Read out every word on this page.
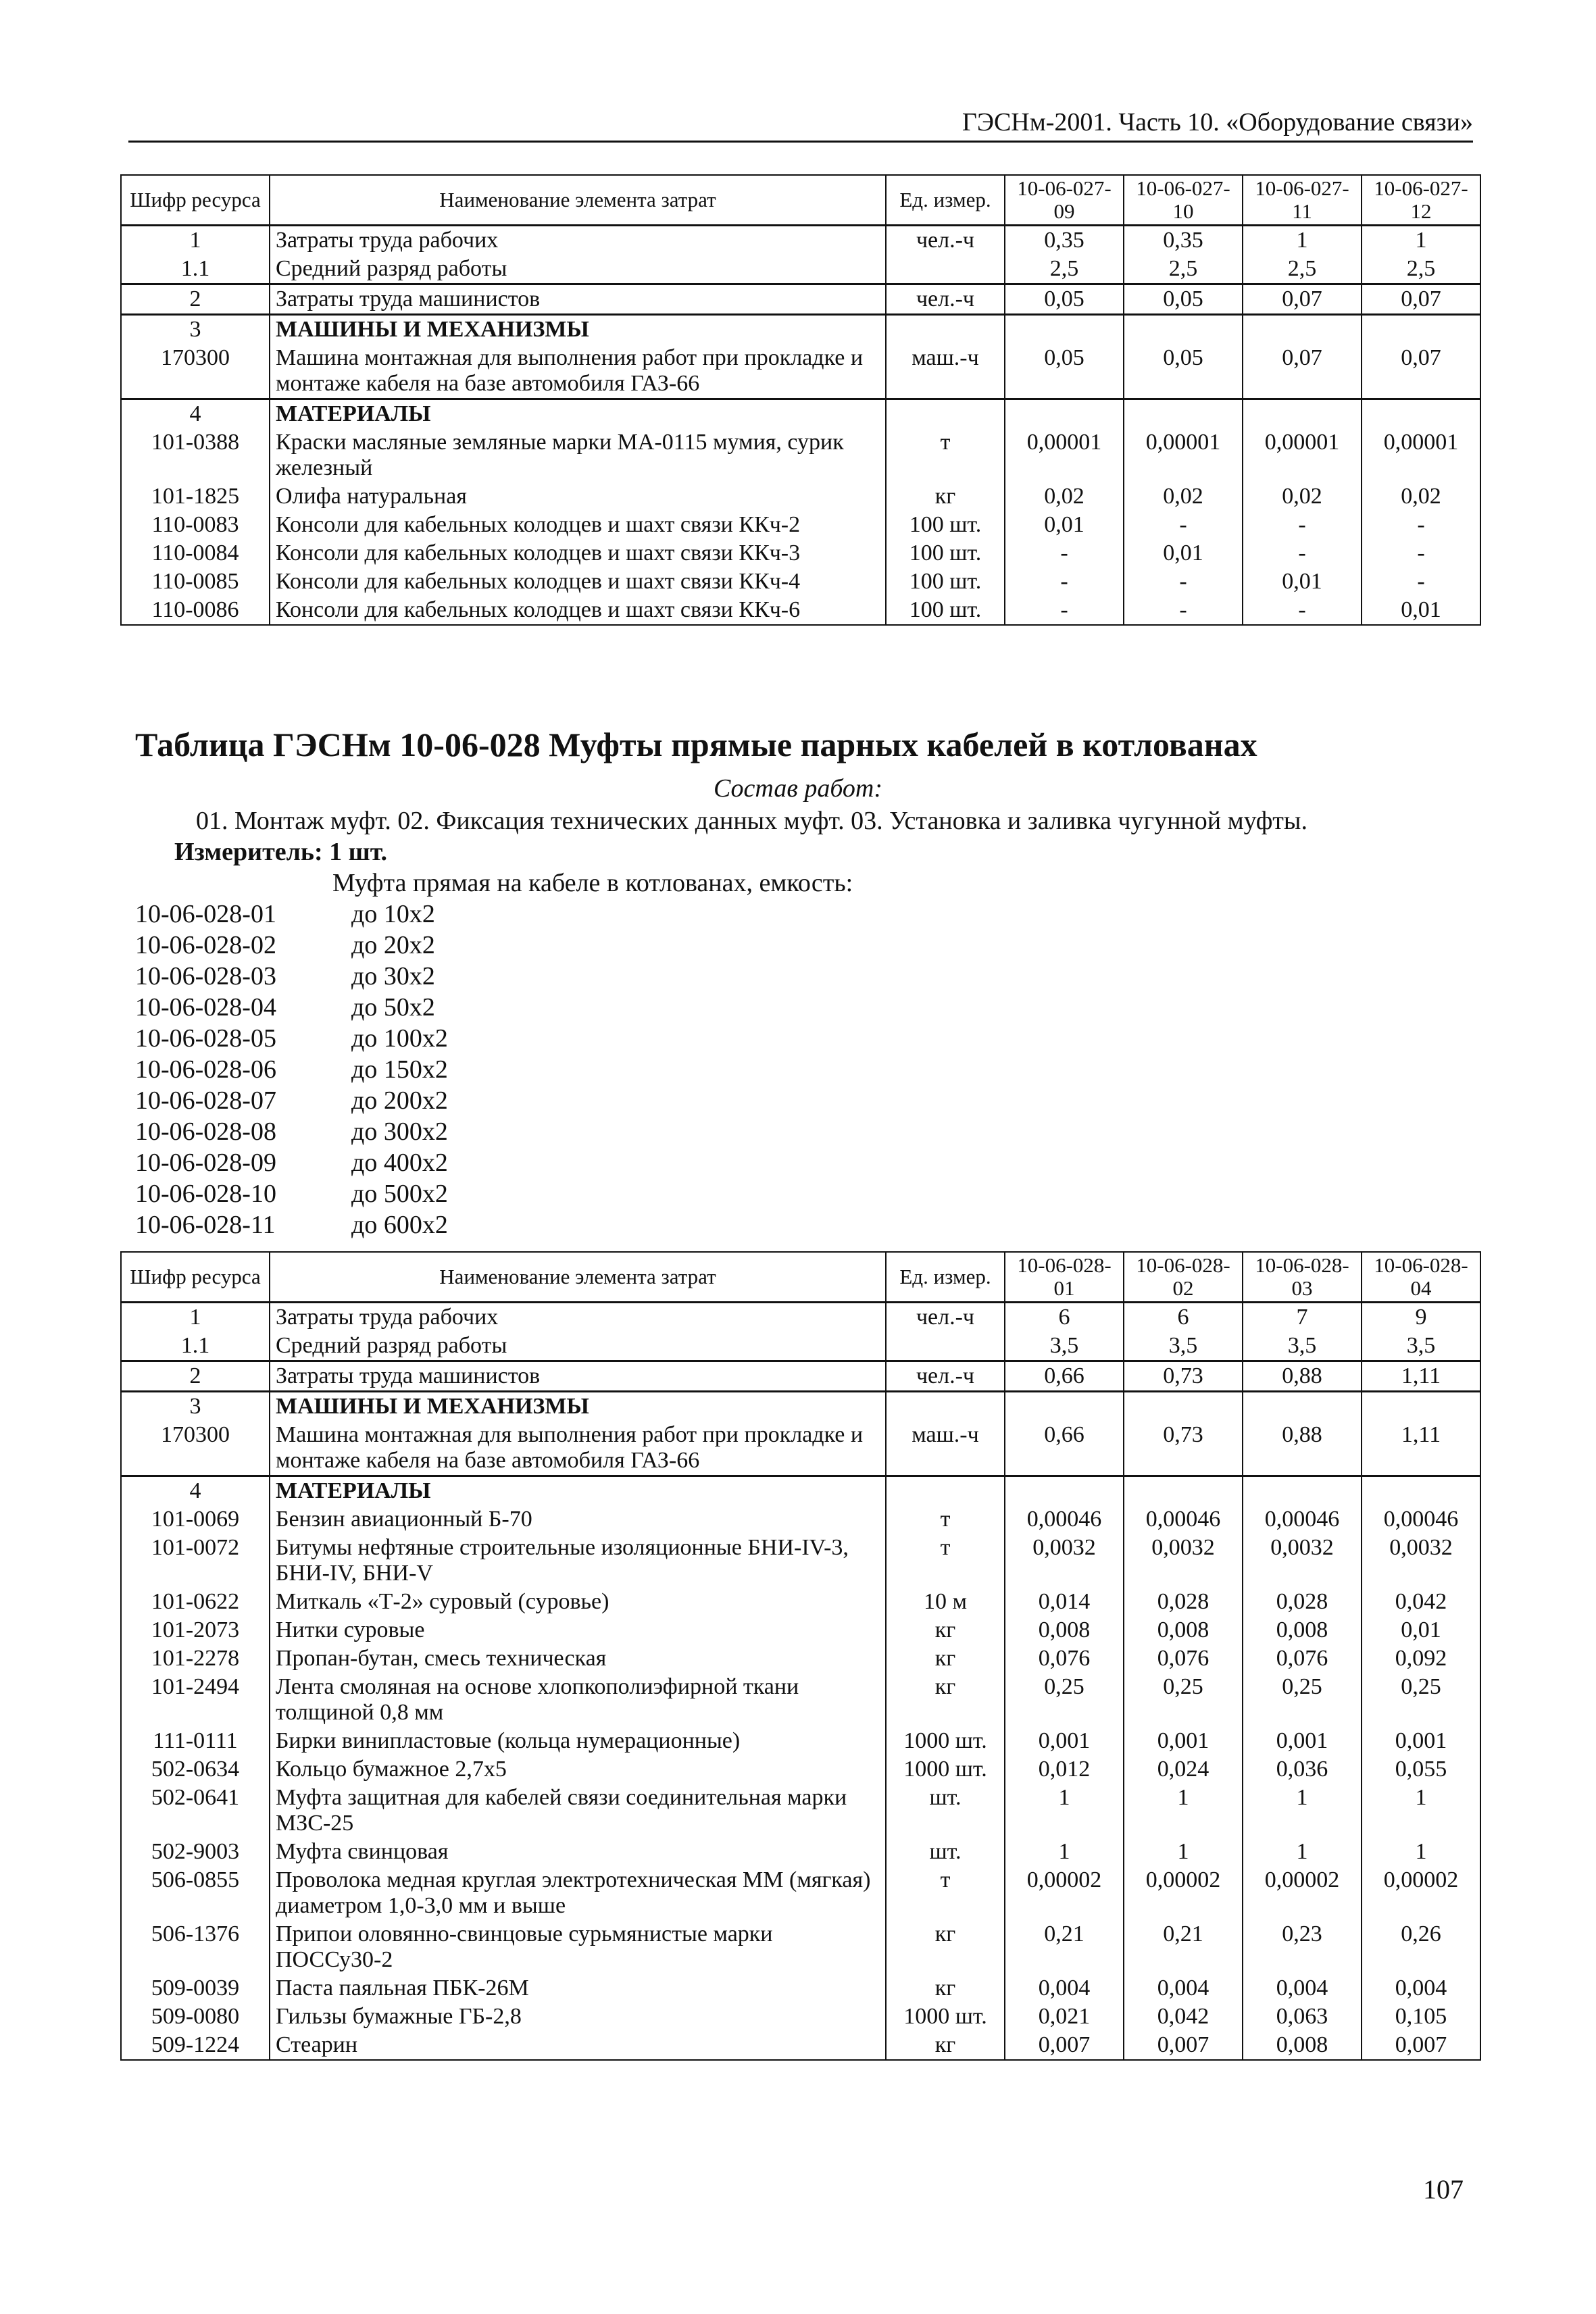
ГЭСНм-2001. Часть 10. «Оборудование связи»
Шифр ресурса	Наименование элемента затрат	Ед. измер.	10-06-027-09	10-06-027-10	10-06-027-11	10-06-027-12
1	Затраты труда рабочих	чел.-ч	0,35	0,35	1	1
1.1	Средний разряд работы		2,5	2,5	2,5	2,5
2	Затраты труда машинистов	чел.-ч	0,05	0,05	0,07	0,07
3	МАШИНЫ И МЕХАНИЗМЫ					
170300	Машина монтажная для выполнения работ при прокладке и монтаже кабеля на базе автомобиля ГАЗ-66	маш.-ч	0,05	0,05	0,07	0,07
4	МАТЕРИАЛЫ					
101-0388	Краски масляные земляные марки МА-0115 мумия, сурик железный	т	0,00001	0,00001	0,00001	0,00001
101-1825	Олифа натуральная	кг	0,02	0,02	0,02	0,02
110-0083	Консоли для кабельных колодцев и шахт связи ККч-2	100 шт.	0,01	-	-	-
110-0084	Консоли для кабельных колодцев и шахт связи ККч-3	100 шт.	-	0,01	-	-
110-0085	Консоли для кабельных колодцев и шахт связи ККч-4	100 шт.	-	-	0,01	-
110-0086	Консоли для кабельных колодцев и шахт связи ККч-6	100 шт.	-	-	-	0,01
Таблица ГЭСНм 10-06-028 Муфты прямые парных кабелей в котлованах
Состав работ:
01. Монтаж муфт. 02. Фиксация технических данных муфт. 03. Установка и заливка чугунной муфты.
Измеритель: 1 шт.
Муфта прямая на кабеле в котлованах, емкость:
10-06-028-01	до 10х2
10-06-028-02	до 20х2
10-06-028-03	до 30х2
10-06-028-04	до 50х2
10-06-028-05	до 100х2
10-06-028-06	до 150х2
10-06-028-07	до 200х2
10-06-028-08	до 300х2
10-06-028-09	до 400х2
10-06-028-10	до 500х2
10-06-028-11	до 600х2
Шифр ресурса	Наименование элемента затрат	Ед. измер.	10-06-028-01	10-06-028-02	10-06-028-03	10-06-028-04
1	Затраты труда рабочих	чел.-ч	6	6	7	9
1.1	Средний разряд работы		3,5	3,5	3,5	3,5
2	Затраты труда машинистов	чел.-ч	0,66	0,73	0,88	1,11
3	МАШИНЫ И МЕХАНИЗМЫ					
170300	Машина монтажная для выполнения работ при прокладке и монтаже кабеля на базе автомобиля ГАЗ-66	маш.-ч	0,66	0,73	0,88	1,11
4	МАТЕРИАЛЫ					
101-0069	Бензин авиационный Б-70	т	0,00046	0,00046	0,00046	0,00046
101-0072	Битумы нефтяные строительные изоляционные БНИ-IV-3, БНИ-IV, БНИ-V	т	0,0032	0,0032	0,0032	0,0032
101-0622	Миткаль «Т-2» суровый (суровье)	10 м	0,014	0,028	0,028	0,042
101-2073	Нитки суровые	кг	0,008	0,008	0,008	0,01
101-2278	Пропан-бутан, смесь техническая	кг	0,076	0,076	0,076	0,092
101-2494	Лента смоляная на основе хлопкополиэфирной ткани толщиной 0,8 мм	кг	0,25	0,25	0,25	0,25
111-0111	Бирки винипластовые (кольца нумерационные)	1000 шт.	0,001	0,001	0,001	0,001
502-0634	Кольцо бумажное 2,7х5	1000 шт.	0,012	0,024	0,036	0,055
502-0641	Муфта защитная для кабелей связи соединительная марки МЗС-25	шт.	1	1	1	1
502-9003	Муфта свинцовая	шт.	1	1	1	1
506-0855	Проволока медная круглая электротехническая ММ (мягкая) диаметром 1,0-3,0 мм и выше	т	0,00002	0,00002	0,00002	0,00002
506-1376	Припои оловянно-свинцовые сурьмянистые марки ПОССу30-2	кг	0,21	0,21	0,23	0,26
509-0039	Паста паяльная ПБК-26М	кг	0,004	0,004	0,004	0,004
509-0080	Гильзы бумажные ГБ-2,8	1000 шт.	0,021	0,042	0,063	0,105
509-1224	Стеарин	кг	0,007	0,007	0,008	0,007
107
